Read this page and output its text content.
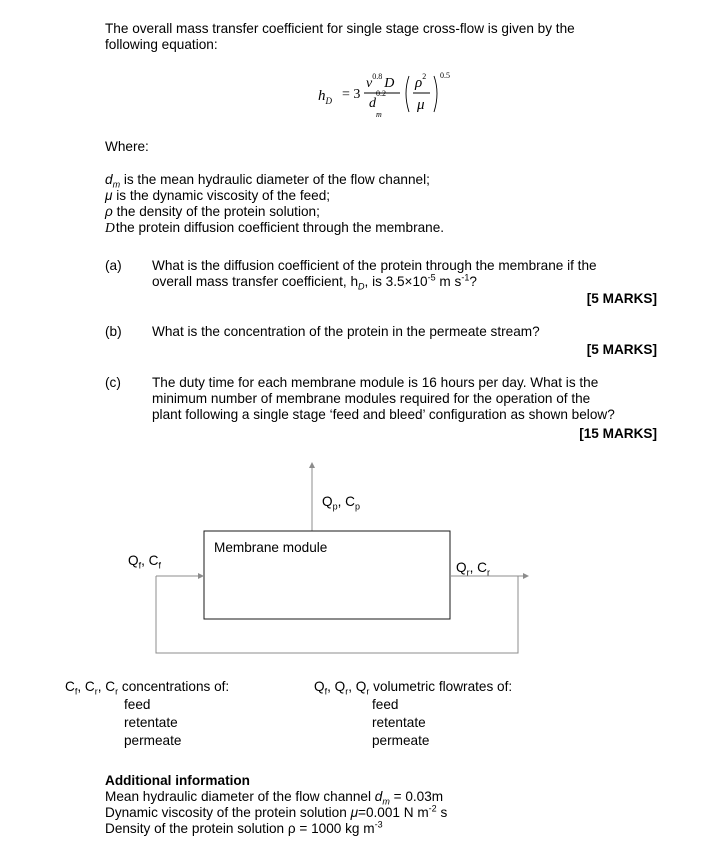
The overall mass transfer coefficient for single stage cross-flow is given by the
following equation:
$h_D = 3$
$\nu^{0.8}$ D
$d^{0.2}$
m
$\rho^2$
μ
0.5
Where:
$d_m$ is the mean hydraulic diameter of the flow channel;
μ is the dynamic viscosity of the feed;
ρ the density of the protein solution;
Dthe protein diffusion coefficient through the membrane.
(a) What is the diffusion coefficient of the protein through the membrane if the
overall mass transfer coefficient, $h_D$, is $3.5\times 10^{-5}$ m $s^{-1}$?
[5 MARKS]
(b) What is the concentration of the protein in the permeate stream?
[5 MARKS]
(c) The duty time for each membrane module is 16 hours per day. What is the
minimum number of membrane modules required for the operation of the
plant following a single stage ‘feed and bleed’ configuration as shown below?
[15 MARKS]
$Q_p$, $C_p$
Membrane module
$Q_f$, $C_f$	$Q_r$, $C_r$
$C_f$, $C_r$, $C_r$ concentrations of:
feed
retentate
permeate
$Q_f$, $Q_r$, $Q_r$ volumetric flowrates of:
feed
retentate
permeate
Additional information
Mean hydraulic diameter of the flow channel $d_m = 0.03m$
Dynamic viscosity of the protein solution μ=0.001 N $m^{-2}$ s
Density of the protein solution ρ = 1000 kg $m^{-3}$
